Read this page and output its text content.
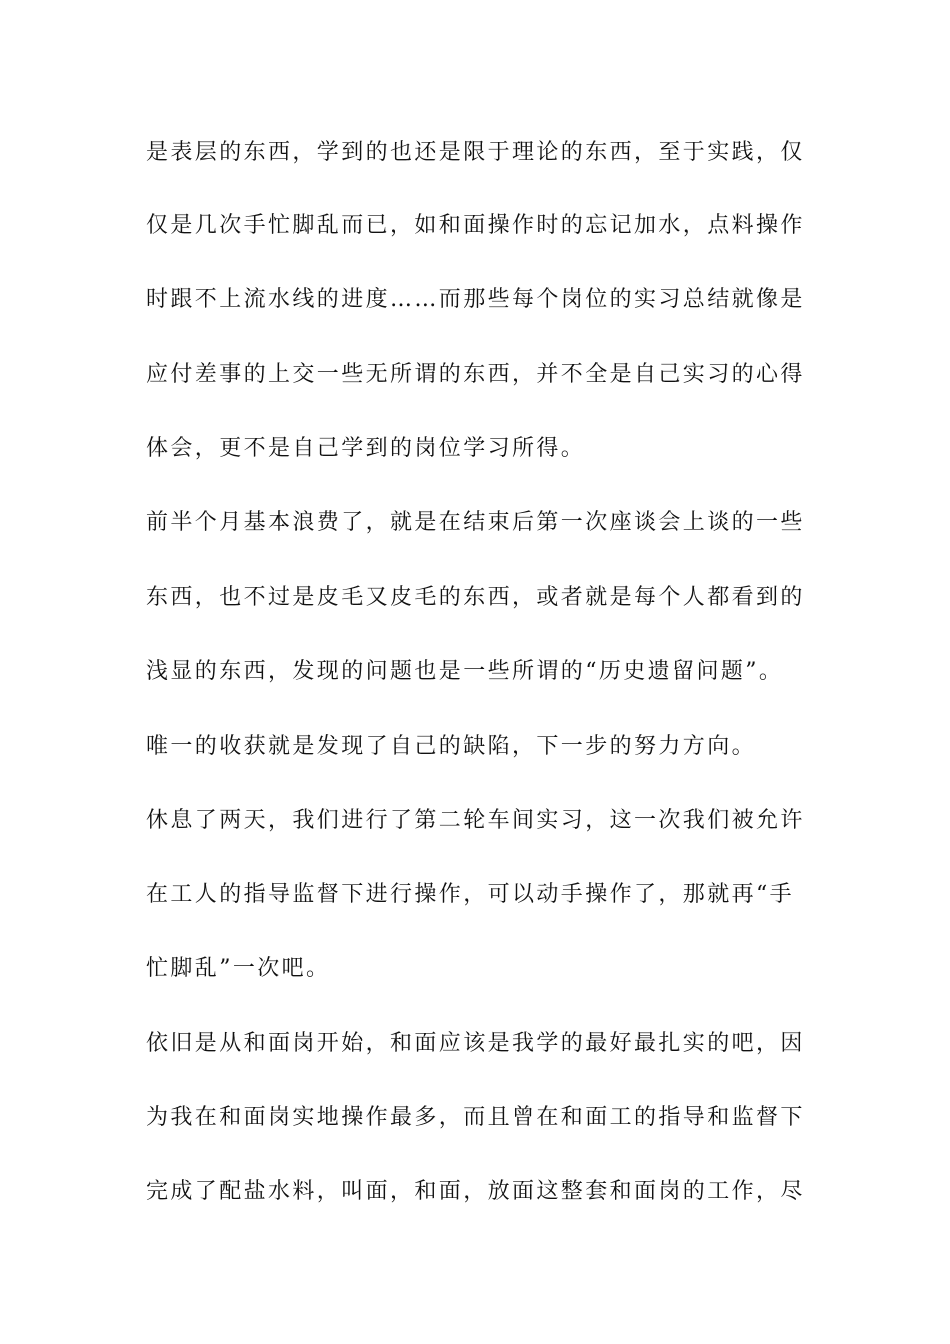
是表层的东西，学到的也还是限于理论的东西，至于实践，仅
仅是几次手忙脚乱而已，如和面操作时的忘记加水，点料操作
时跟不上流水线的进度……而那些每个岗位的实习总结就像是
应付差事的上交一些无所谓的东西，并不全是自己实习的心得
体会，更不是自己学到的岗位学习所得。
前半个月基本浪费了，就是在结束后第一次座谈会上谈的一些
东西，也不过是皮毛又皮毛的东西，或者就是每个人都看到的
浅显的东西，发现的问题也是一些所谓的“历史遗留问题”。
唯一的收获就是发现了自己的缺陷，下一步的努力方向。
休息了两天，我们进行了第二轮车间实习，这一次我们被允许
在工人的指导监督下进行操作，可以动手操作了，那就再“手
忙脚乱”一次吧。
依旧是从和面岗开始，和面应该是我学的最好最扎实的吧，因
为我在和面岗实地操作最多，而且曾在和面工的指导和监督下
完成了配盐水料，叫面，和面，放面这整套和面岗的工作，尽
